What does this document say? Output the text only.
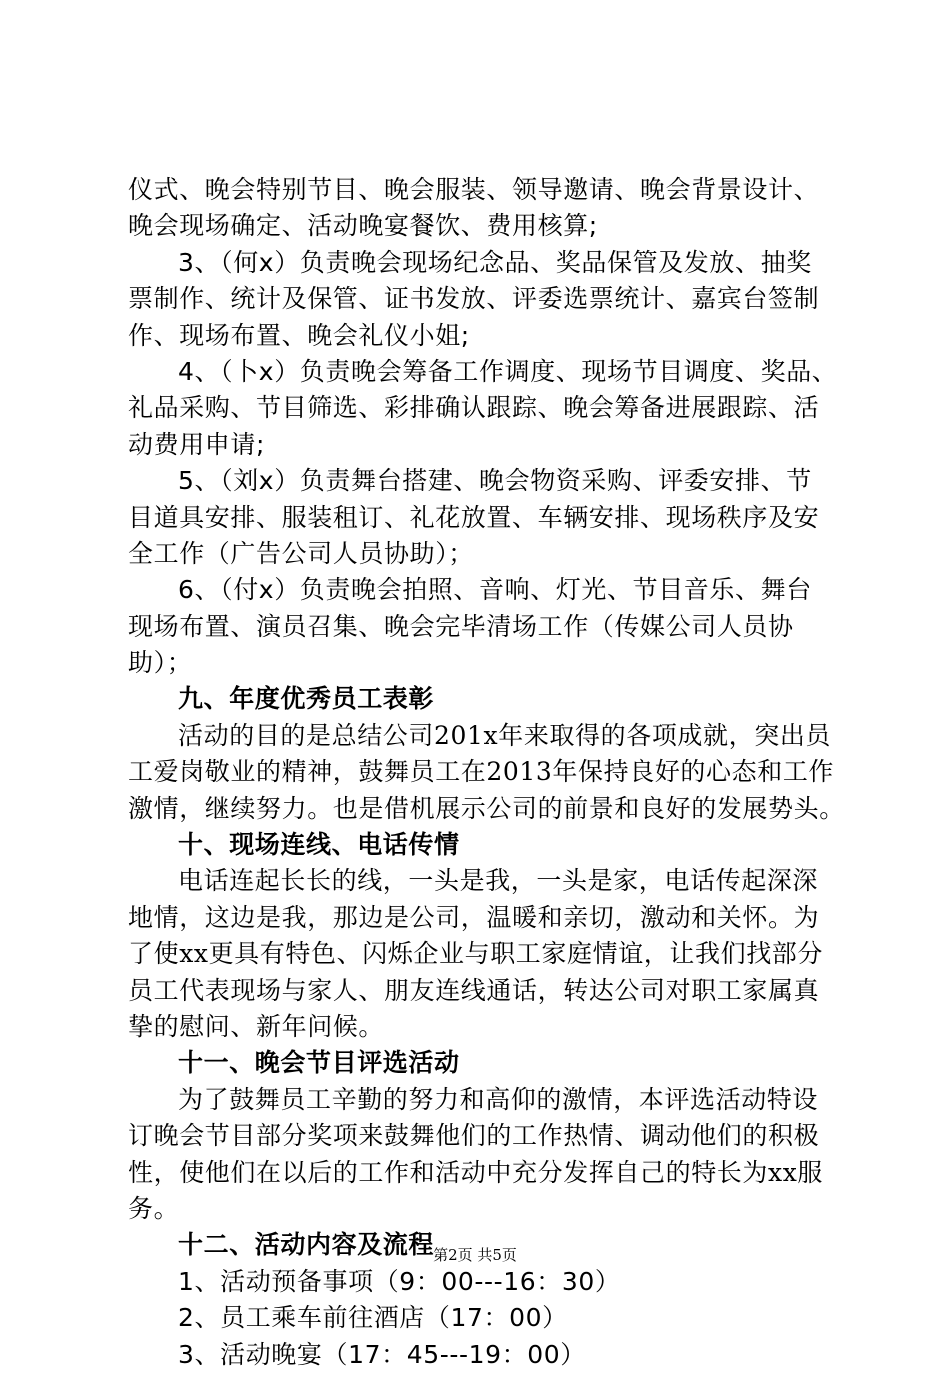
仪式、晚会特别节目、晚会服装、领导邀请、晚会背景设计、
晚会现场确定、活动晚宴餐饮、费用核算;
3、（何x）负责晚会现场纪念品、奖品保管及发放、抽奖
票制作、统计及保管、证书发放、评委选票统计、嘉宾台签制
作、现场布置、晚会礼仪小姐;
4、（卜x）负责晚会筹备工作调度、现场节目调度、奖品、
礼品采购、节目筛选、彩排确认跟踪、晚会筹备进展跟踪、活
动费用申请;
5、（刘x）负责舞台搭建、晚会物资采购、评委安排、节
目道具安排、服装租订、礼花放置、车辆安排、现场秩序及安
全工作（广告公司人员协助）；
6、（付x）负责晚会拍照、音响、灯光、节目音乐、舞台
现场布置、演员召集、晚会完毕清场工作（传媒公司人员协
助）；
九、年度优秀员工表彰
活动的目的是总结公司201x年来取得的各项成就，突出员
工爱岗敬业的精神，鼓舞员工在2013年保持良好的心态和工作
激情，继续努力。也是借机展示公司的前景和良好的发展势头。
十、现场连线、电话传情
电话连起长长的线，一头是我，一头是家，电话传起深深
地情，这边是我，那边是公司，温暖和亲切，激动和关怀。为
了使xx更具有特色、闪烁企业与职工家庭情谊，让我们找部分
员工代表现场与家人、朋友连线通话，转达公司对职工家属真
挚的慰问、新年问候。
十一、晚会节目评选活动
为了鼓舞员工辛勤的努力和高仰的激情，本评选活动特设
订晚会节目部分奖项来鼓舞他们的工作热情、调动他们的积极
性，使他们在以后的工作和活动中充分发挥自己的特长为xx服
务。
十二、活动内容及流程
1、活动预备事项（9：00---16：30）
2、员工乘车前往酒店（17：00）
3、活动晚宴（17：45---19：00）
第2页 共5页
